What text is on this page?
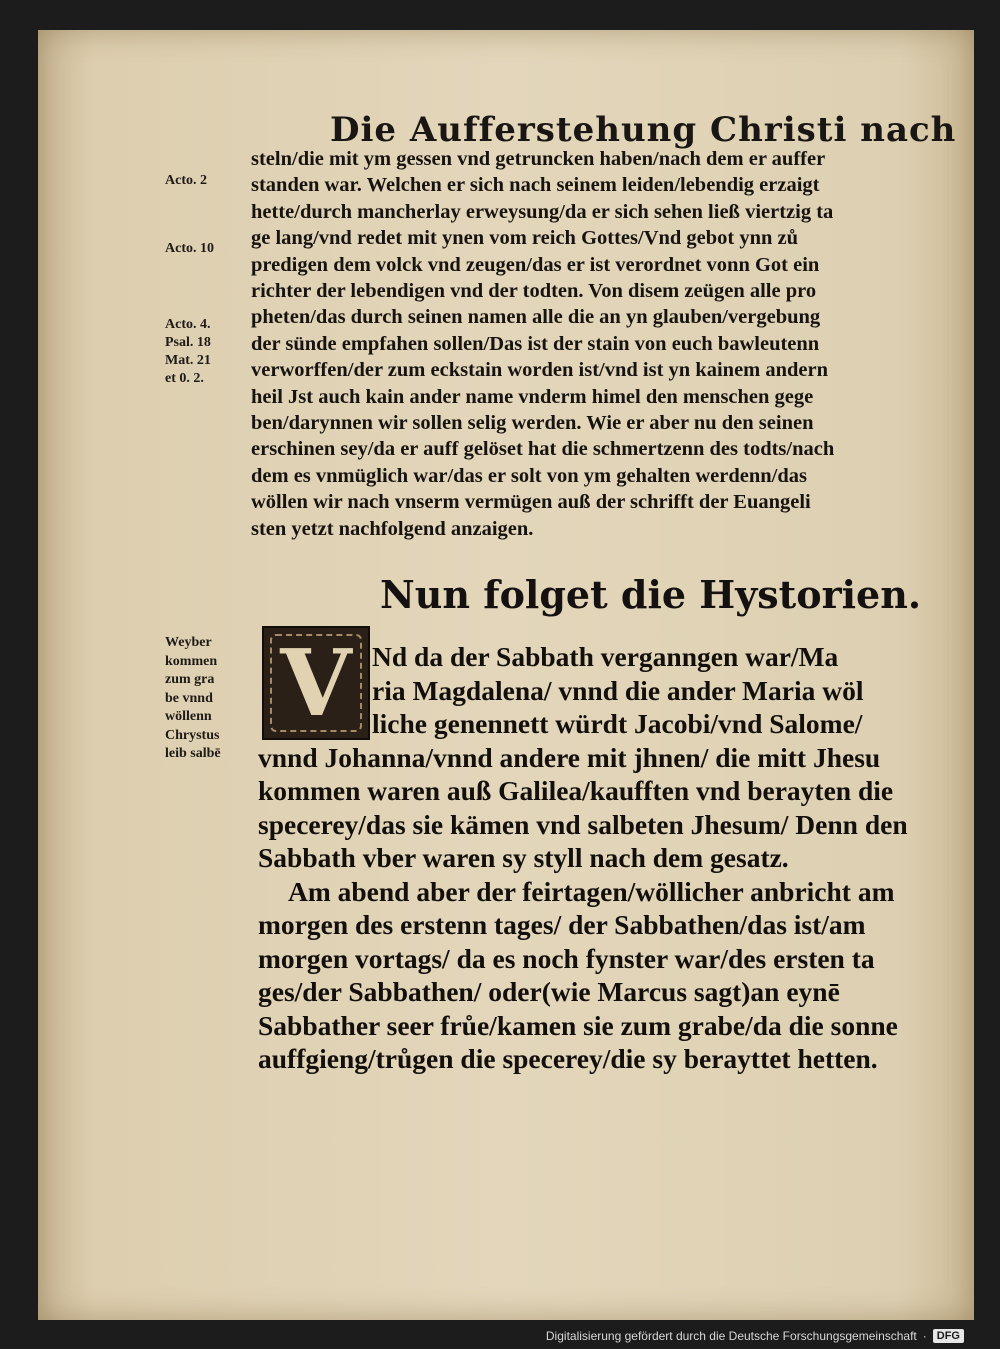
Die Aufferstehung Christi nach
Acto. 2
Acto. 10
Acto. 4.
Psal. 18
Mat. 21
et 0. 2.
steln/die mit ym gessen vnd getruncken haben/nach dem er auffer
standen war. Welchen er sich nach seinem leiden/lebendig erzaigt
hette/durch mancherlay erweysung/da er sich sehen ließ viertzig ta
ge lang/vnd redet mit ynen vom reich Gottes/Vnd gebot ynn zů
predigen dem volck vnd zeugen/das er ist verordnet vonn Got ein
richter der lebendigen vnd der todten. Von disem zeügen alle pro
pheten/das durch seinen namen alle die an yn glauben/vergebung
der sünde empfahen sollen/Das ist der stain von euch bawleutenn
verworffen/der zum eckstain worden ist/vnd ist yn kainem andern
heil Jst auch kain ander name vnderm himel den menschen gege
ben/darynnen wir sollen selig werden. Wie er aber nu den seinen
erschinen sey/da er auff gelöset hat die schmertzenn des todts/nach
dem es vnmüglich war/das er solt von ym gehalten werdenn/das
wöllen wir nach vnserm vermügen auß der schrifft der Euangeli
sten yetzt nachfolgend anzaigen.
Nun folget die Hystorien.
Weyber
kommen
zum gra
be vnnd
wöllenn
Chrystus
leib salbē
V Nd da der Sabbath verganngen war/Ma
ria Magdalena/ vnnd die ander Maria wöl
liche genennett würdt Jacobi/vnd Salome/
vnnd Johanna/vnnd andere mit jhnen/ die mitt Jhesu
kommen waren auß Galilea/kaufften vnd berayten die
specerey/das sie kämen vnd salbeten Jhesum/ Denn den
Sabbath vber waren sy styll nach dem gesatz.
Am abend aber der feirtagen/wöllicher anbricht am
morgen des erstenn tages/ der Sabbathen/das ist/am
morgen vortags/ da es noch fynster war/des ersten ta
ges/der Sabbathen/ oder(wie Marcus sagt)an eynē
Sabbather seer frůe/kamen sie zum grabe/da die sonne
auffgieng/trůgen die specerey/die sy berayttet hetten.
Digitalisierung gefördert durch die Deutsche Forschungsgemeinschaft · DFG
